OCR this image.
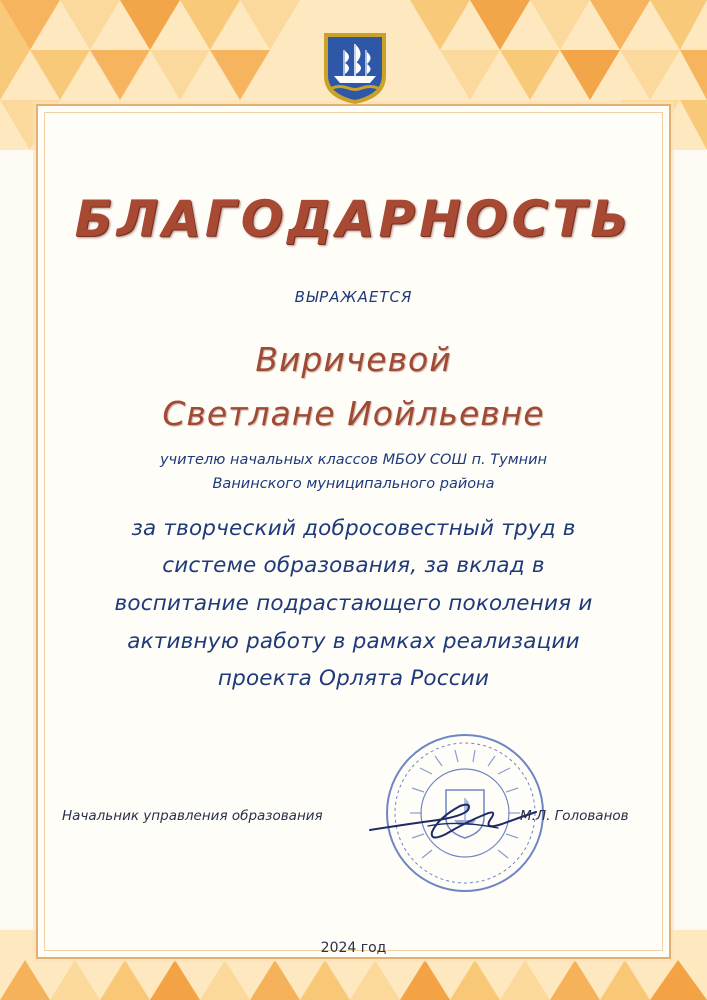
БЛАГОДАРНОСТЬ
ВЫРАЖАЕТСЯ
Виричевой
Светлане Иойльевне
учителю начальных классов МБОУ СОШ п. Тумнин
Ванинского муниципального района
за творческий добросовестный труд в
системе образования, за вклад в
воспитание подрастающего поколения и
активную работу в рамках реализации
проекта Орлята России
Начальник управления образования	М.Л. Голованов
2024 год
